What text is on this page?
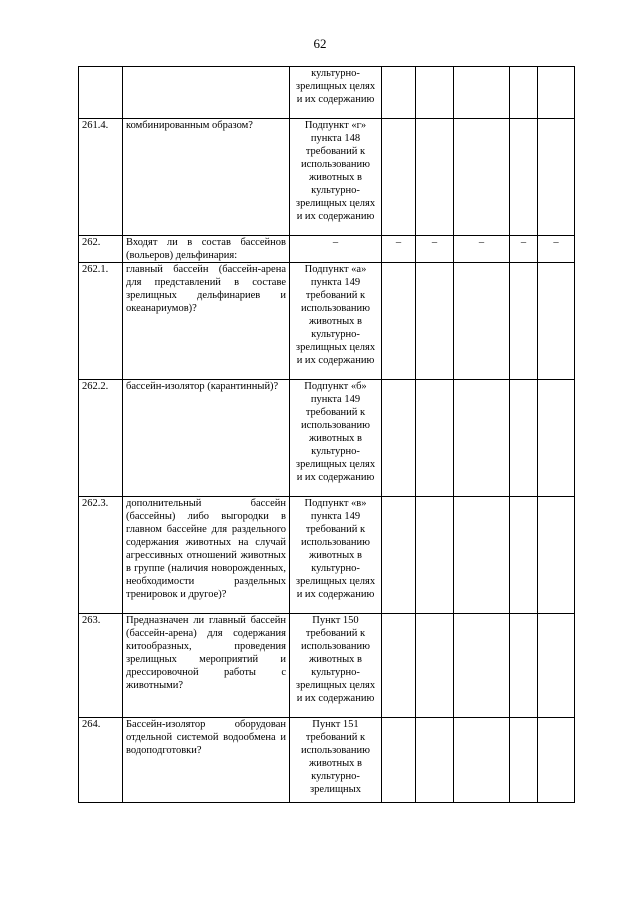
62
		культурно-зрелищных целях и их содержанию					
261.4.	комбинированным образом?	Подпункт «г» пункта 148 требований к использованию животных в культурно-зрелищных целях и их содержанию					
262.	Входят ли в состав бассейнов (вольеров) дельфинария:	–	–	–	–	–	–
262.1.	главный бассейн (бассейн-арена для представлений в составе зрелищных дельфинариев и океанариумов)?	Подпункт «а» пункта 149 требований к использованию животных в культурно-зрелищных целях и их содержанию					
262.2.	бассейн-изолятор (карантинный)?	Подпункт «б» пункта 149 требований к использованию животных в культурно-зрелищных целях и их содержанию					
262.3.	дополнительный бассейн (бассейны) либо выгородки в главном бассейне для раздельного содержания животных на случай агрессивных отношений животных в группе (наличия новорожденных, необходимости раздельных тренировок и другое)?	Подпункт «в» пункта 149 требований к использованию животных в культурно-зрелищных целях и их содержанию					
263.	Предназначен ли главный бассейн (бассейн-арена) для содержания китообразных, проведения зрелищных мероприятий и дрессировочной работы с животными?	Пункт 150 требований к использованию животных в культурно-зрелищных целях и их содержанию					
264.	Бассейн-изолятор оборудован отдельной системой водообмена и водоподготовки?	Пункт 151 требований к использованию животных в культурно-зрелищных					
